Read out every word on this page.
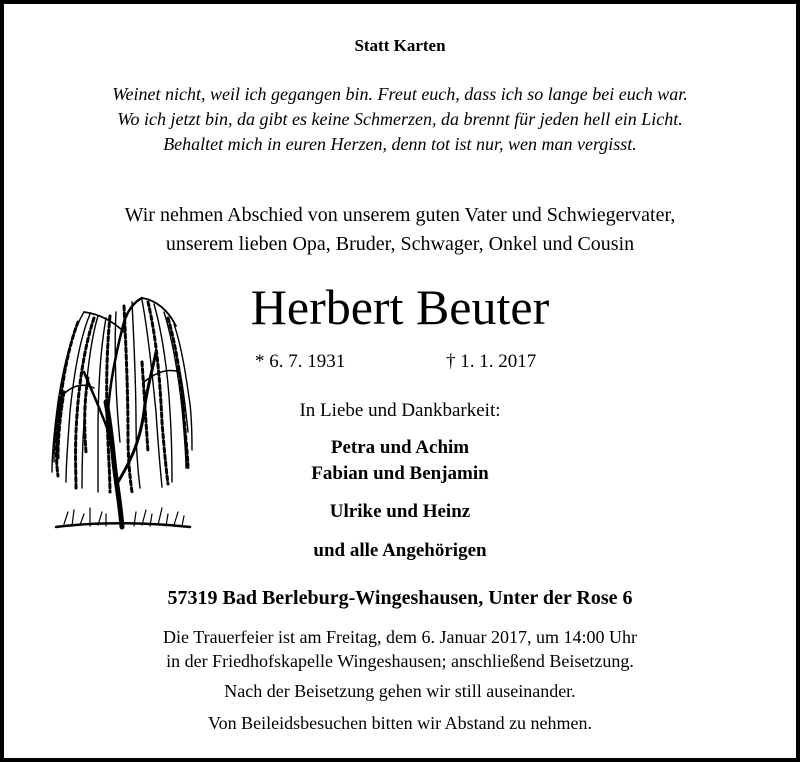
Statt Karten
Weinet nicht, weil ich gegangen bin. Freut euch, dass ich so lange bei euch war.
Wo ich jetzt bin, da gibt es keine Schmerzen, da brennt für jeden hell ein Licht.
Behaltet mich in euren Herzen, denn tot ist nur, wen man vergisst.
Wir nehmen Abschied von unserem guten Vater und Schwiegervater,
unserem lieben Opa, Bruder, Schwager, Onkel und Cousin
Herbert Beuter
* 6. 7. 1931	† 1. 1. 2017
In Liebe und Dankbarkeit:
Petra und Achim
Fabian und Benjamin
Ulrike und Heinz
und alle Angehörigen
57319 Bad Berleburg-Wingeshausen, Unter der Rose 6
Die Trauerfeier ist am Freitag, dem 6. Januar 2017, um 14:00 Uhr
in der Friedhofskapelle Wingeshausen; anschließend Beisetzung.
Nach der Beisetzung gehen wir still auseinander.
Von Beileidsbesuchen bitten wir Abstand zu nehmen.
